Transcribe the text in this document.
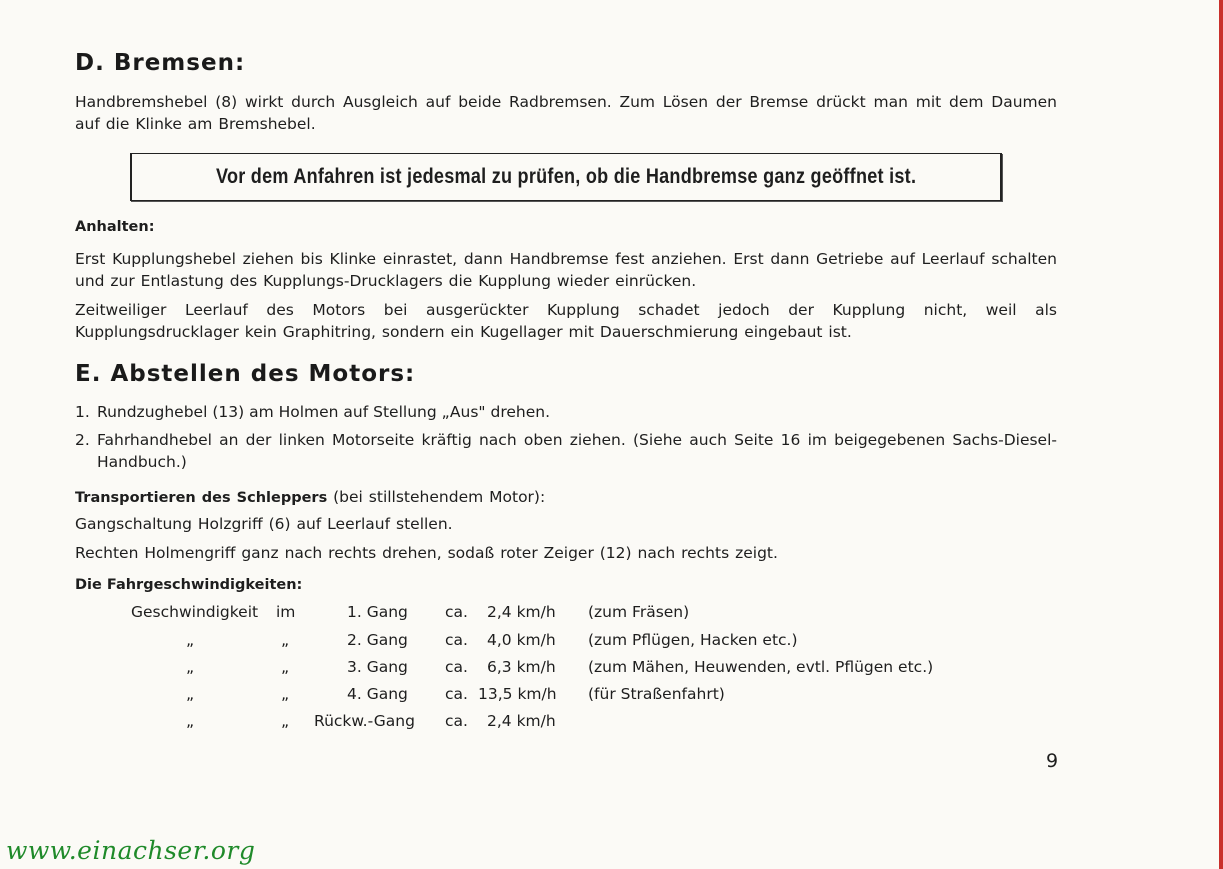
D. Bremsen:
Handbremshebel (8) wirkt durch Ausgleich auf beide Radbremsen. Zum Lösen der Bremse drückt man mit dem Daumen auf die Klinke am Bremshebel.
Vor dem Anfahren ist jedesmal zu prüfen, ob die Handbremse ganz geöffnet ist.
Anhalten:
Erst Kupplungshebel ziehen bis Klinke einrastet, dann Handbremse fest anziehen. Erst dann Getriebe auf Leerlauf schalten und zur Entlastung des Kupplungs-Drucklagers die Kupplung wieder einrücken.
Zeitweiliger Leerlauf des Motors bei ausgerückter Kupplung schadet jedoch der Kupplung nicht, weil als Kupplungsdrucklager kein Graphitring, sondern ein Kugellager mit Dauerschmierung eingebaut ist.
E. Abstellen des Motors:
1. Rundzughebel (13) am Holmen auf Stellung „Aus" drehen.
2. Fahrhandhebel an der linken Motorseite kräftig nach oben ziehen. (Siehe auch Seite 16 im beigegebenen Sachs-Diesel-Handbuch.)
Transportieren des Schleppers (bei stillstehendem Motor):
Gangschaltung Holzgriff (6) auf Leerlauf stellen.
Rechten Holmengriff ganz nach rechts drehen, sodaß roter Zeiger (12) nach rechts zeigt.
Die Fahrgeschwindigkeiten:
Geschwindigkeit im	1. Gang ca. 2,4 km/h (zum Fräsen)
„	„	2. Gang ca. 4,0 km/h (zum Pflügen, Hacken etc.)
„	„	3. Gang ca. 6,3 km/h (zum Mähen, Heuwenden, evtl. Pflügen etc.)
„	„	4. Gang ca. 13,5 km/h (für Straßenfahrt)
„	„ Rückw.-Gang ca. 2,4 km/h
9
www.einachser.org
